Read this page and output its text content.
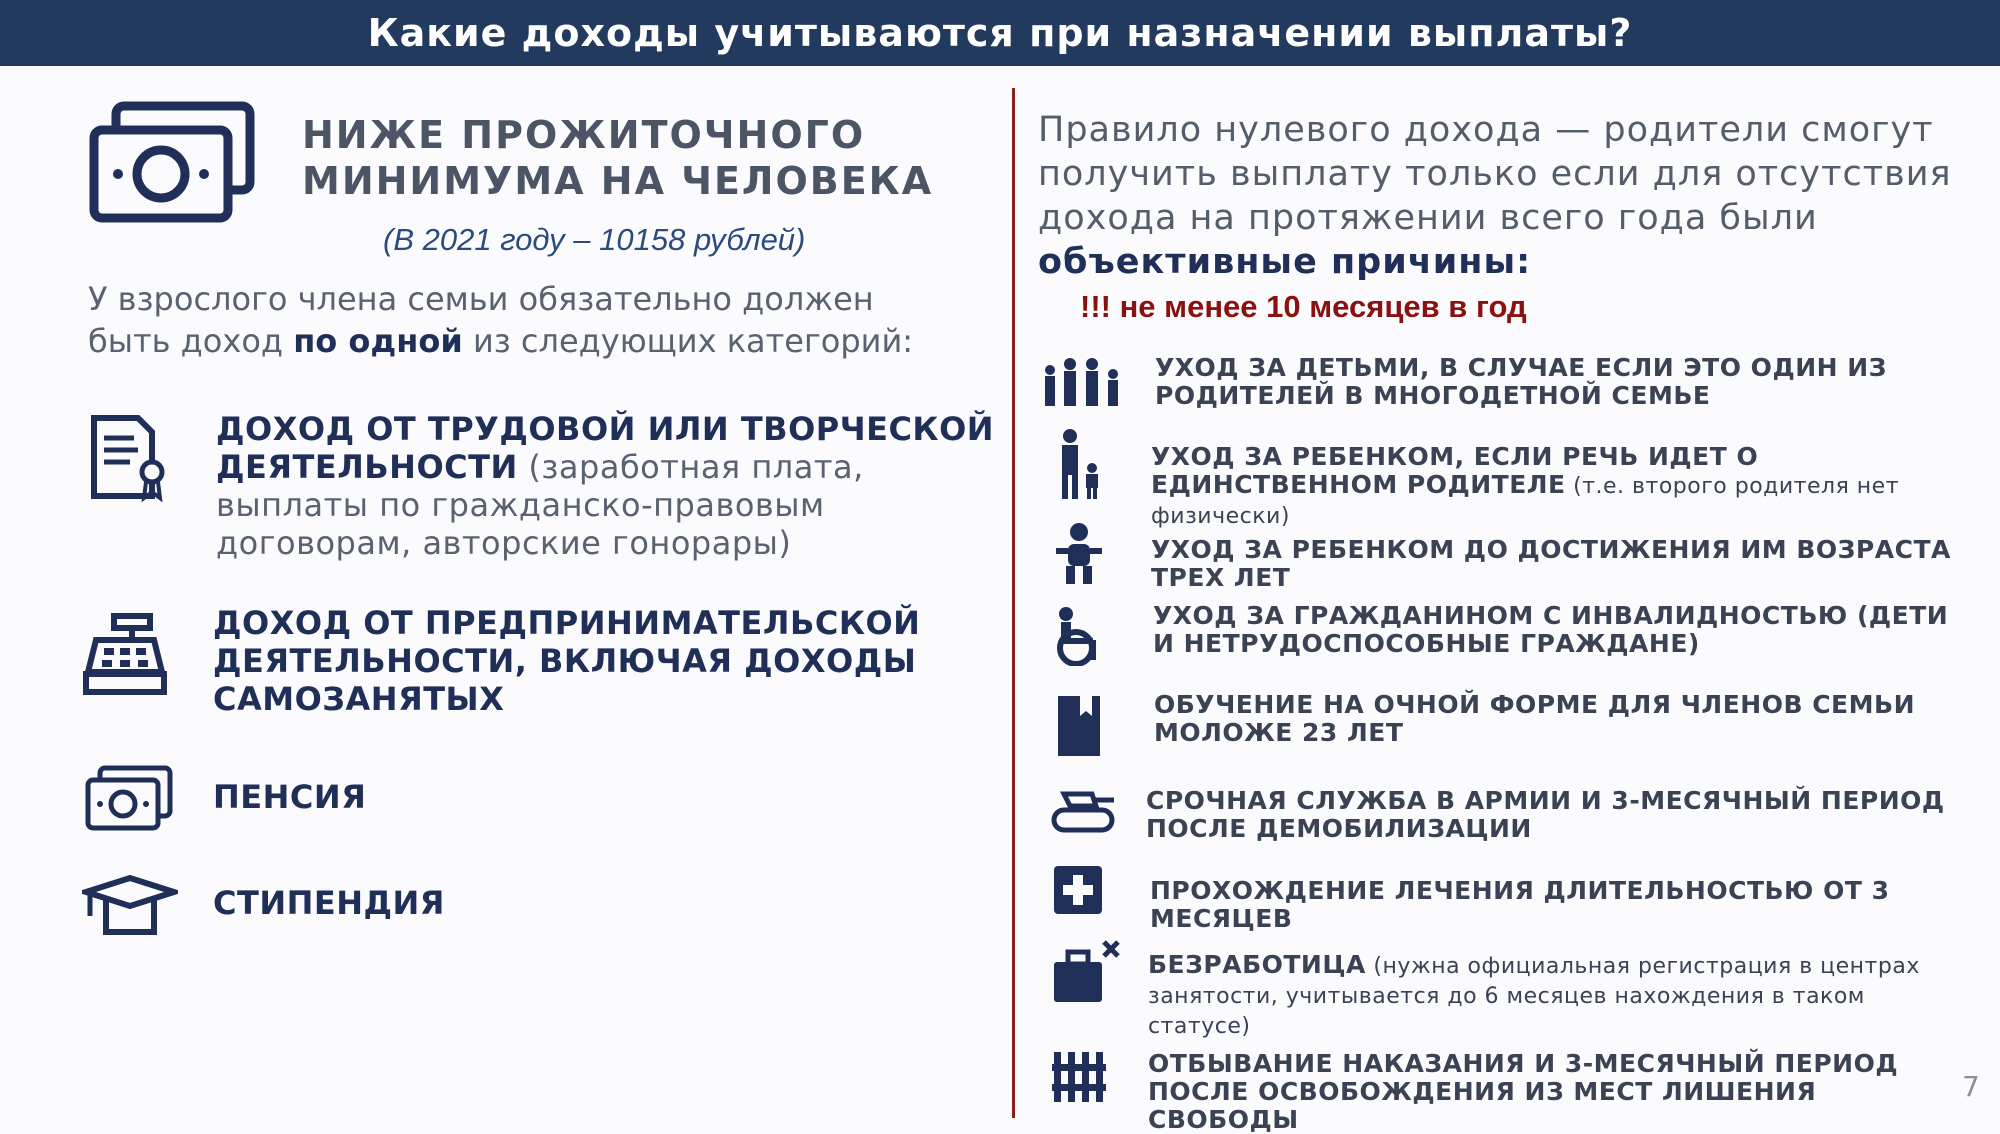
Какие доходы учитываются при назначении выплаты?
НИЖЕ ПРОЖИТОЧНОГО
МИНИМУМА НА ЧЕЛОВЕКА
(В 2021 году – 10158 рублей)
У взрослого члена семьи обязательно должен быть доход по одной из следующих категорий:
ДОХОД ОТ ТРУДОВОЙ ИЛИ ТВОРЧЕСКОЙ ДЕЯТЕЛЬНОСТИ (заработная плата, выплаты по гражданско-правовым договорам, авторские гонорары)
ДОХОД ОТ ПРЕДПРИНИМАТЕЛЬСКОЙ ДЕЯТЕЛЬНОСТИ, ВКЛЮЧАЯ ДОХОДЫ САМОЗАНЯТЫХ
ПЕНСИЯ
СТИПЕНДИЯ
Правило нулевого дохода — родители смогут получить выплату только если для отсутствия дохода на протяжении всего года были объективные причины:
!!! не менее 10 месяцев в год
УХОД ЗА ДЕТЬМИ, В СЛУЧАЕ ЕСЛИ ЭТО ОДИН ИЗ РОДИТЕЛЕЙ В МНОГОДЕТНОЙ СЕМЬЕ
УХОД ЗА РЕБЕНКОМ, ЕСЛИ РЕЧЬ ИДЕТ О ЕДИНСТВЕННОМ РОДИТЕЛЕ (т.е. второго родителя нет физически)
УХОД ЗА РЕБЕНКОМ ДО ДОСТИЖЕНИЯ ИМ ВОЗРАСТА ТРЕХ ЛЕТ
УХОД ЗА ГРАЖДАНИНОМ С ИНВАЛИДНОСТЬЮ (ДЕТИ И НЕТРУДОСПОСОБНЫЕ ГРАЖДАНЕ)
ОБУЧЕНИЕ НА ОЧНОЙ ФОРМЕ ДЛЯ ЧЛЕНОВ СЕМЬИ МОЛОЖЕ 23 ЛЕТ
СРОЧНАЯ СЛУЖБА В АРМИИ И 3-МЕСЯЧНЫЙ ПЕРИОД ПОСЛЕ ДЕМОБИЛИЗАЦИИ
ПРОХОЖДЕНИЕ ЛЕЧЕНИЯ ДЛИТЕЛЬНОСТЬЮ ОТ 3 МЕСЯЦЕВ
БЕЗРАБОТИЦА (нужна официальная регистрация в центрах занятости, учитывается до 6 месяцев нахождения в таком статусе)
ОТБЫВАНИЕ НАКАЗАНИЯ И 3-МЕСЯЧНЫЙ ПЕРИОД ПОСЛЕ ОСВОБОЖДЕНИЯ ИЗ МЕСТ ЛИШЕНИЯ СВОБОДЫ
7
